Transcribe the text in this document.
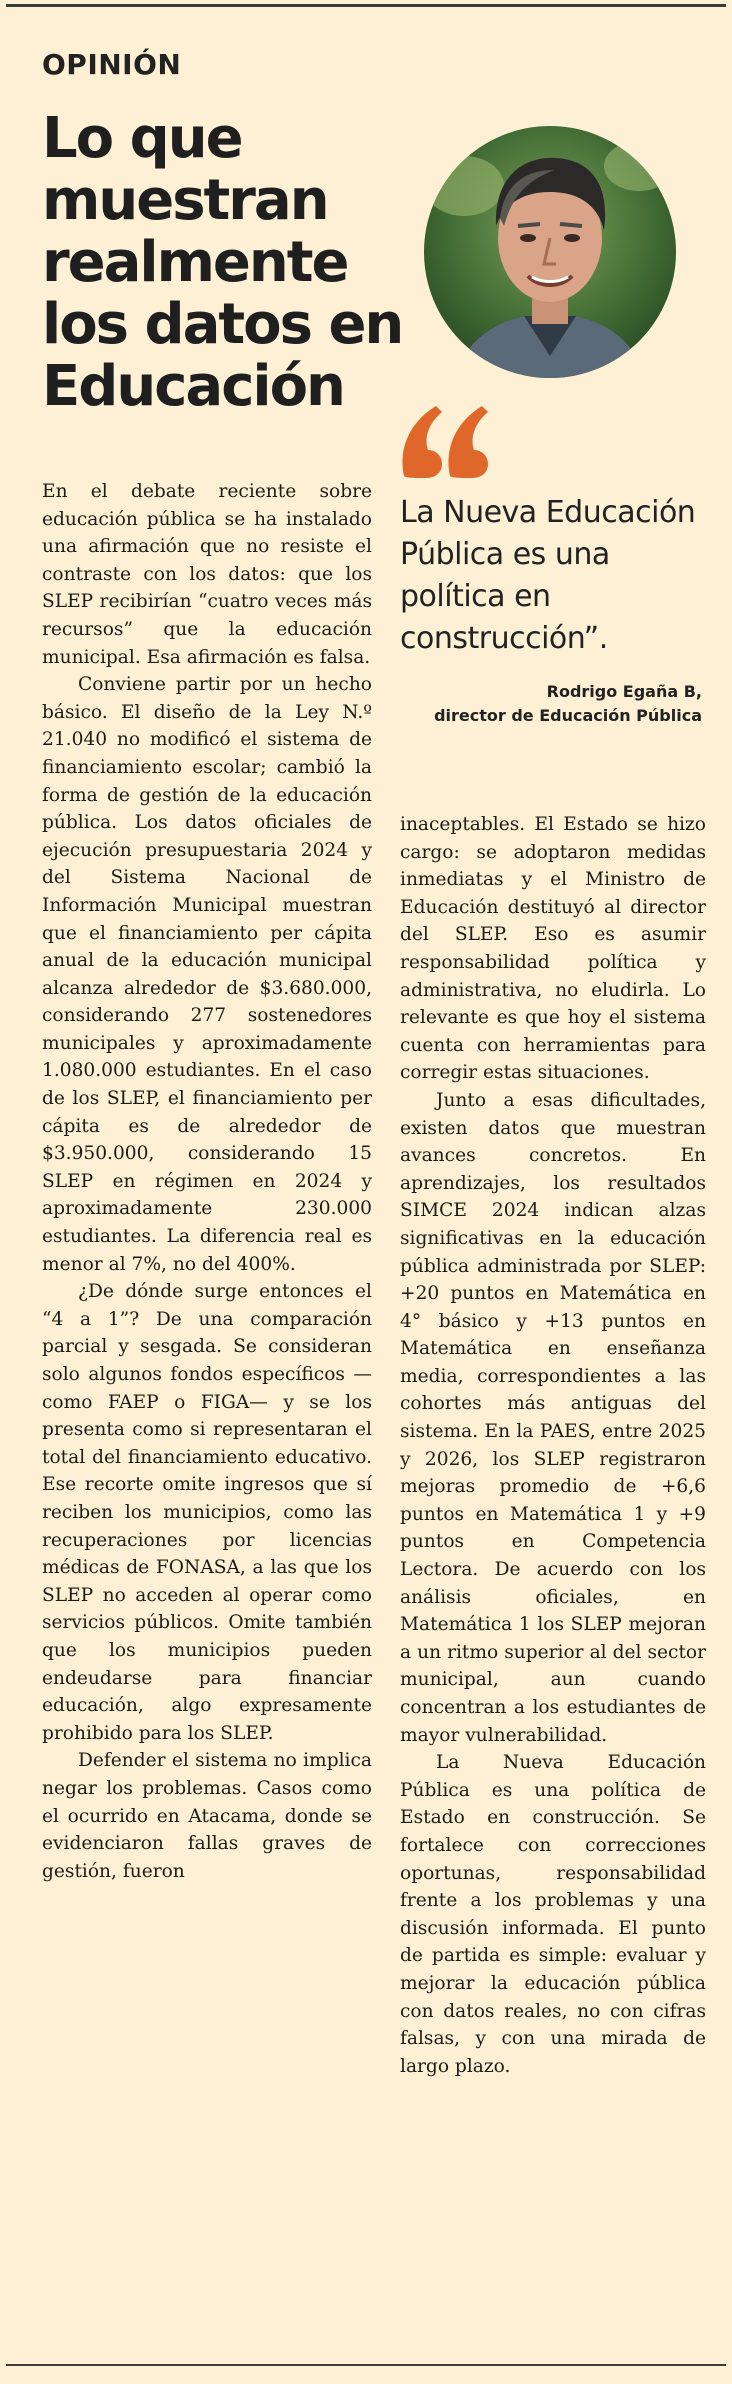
OPINIÓN
Lo que muestran realmente los datos en Educación

La Nueva Educación Pública es una política en construcción”.

Rodrigo Egaña B,
director de Educación Pública

En el debate reciente sobre educación pública se ha instalado una afirmación que no resiste el contraste con los datos: que los SLEP recibirían “cuatro veces más recursos” que la educación municipal. Esa afirmación es falsa.

Conviene partir por un hecho básico. El diseño de la Ley N.º 21.040 no modificó el sistema de financiamiento escolar; cambió la forma de gestión de la educación pública. Los datos oficiales de ejecución presupuestaria 2024 y del Sistema Nacional de Información Municipal muestran que el financiamiento per cápita anual de la educación municipal alcanza alrededor de $3.680.000, considerando 277 sostenedores municipales y aproximadamente 1.080.000 estudiantes. En el caso de los SLEP, el financiamiento per cápita es de alrededor de $3.950.000, considerando 15 SLEP en régimen en 2024 y aproximadamente 230.000 estudiantes. La diferencia real es menor al 7%, no del 400%.

¿De dónde surge entonces el “4 a 1”? De una comparación parcial y sesgada. Se consideran solo algunos fondos específicos —como FAEP o FIGA— y se los presenta como si representaran el total del financiamiento educativo. Ese recorte omite ingresos que sí reciben los municipios, como las recuperaciones por licencias médicas de FONASA, a las que los SLEP no acceden al operar como servicios públicos. Omite también que los municipios pueden endeudarse para financiar educación, algo expresamente prohibido para los SLEP.

Defender el sistema no implica negar los problemas. Casos como el ocurrido en Atacama, donde se evidenciaron fallas graves de gestión, fueron

inaceptables. El Estado se hizo cargo: se adoptaron medidas inmediatas y el Ministro de Educación destituyó al director del SLEP. Eso es asumir responsabilidad política y administrativa, no eludirla. Lo relevante es que hoy el sistema cuenta con herramientas para corregir estas situaciones.

Junto a esas dificultades, existen datos que muestran avances concretos. En aprendizajes, los resultados SIMCE 2024 indican alzas significativas en la educación pública administrada por SLEP: +20 puntos en Matemática en 4° básico y +13 puntos en Matemática en enseñanza media, correspondientes a las cohortes más antiguas del sistema. En la PAES, entre 2025 y 2026, los SLEP registraron mejoras promedio de +6,6 puntos en Matemática 1 y +9 puntos en Competencia Lectora. De acuerdo con los análisis oficiales, en Matemática 1 los SLEP mejoran a un ritmo superior al del sector municipal, aun cuando concentran a los estudiantes de mayor vulnerabilidad.

La Nueva Educación Pública es una política de Estado en construcción. Se fortalece con correcciones oportunas, responsabilidad frente a los problemas y una discusión informada. El punto de partida es simple: evaluar y mejorar la educación pública con datos reales, no con cifras falsas, y con una mirada de largo plazo.
